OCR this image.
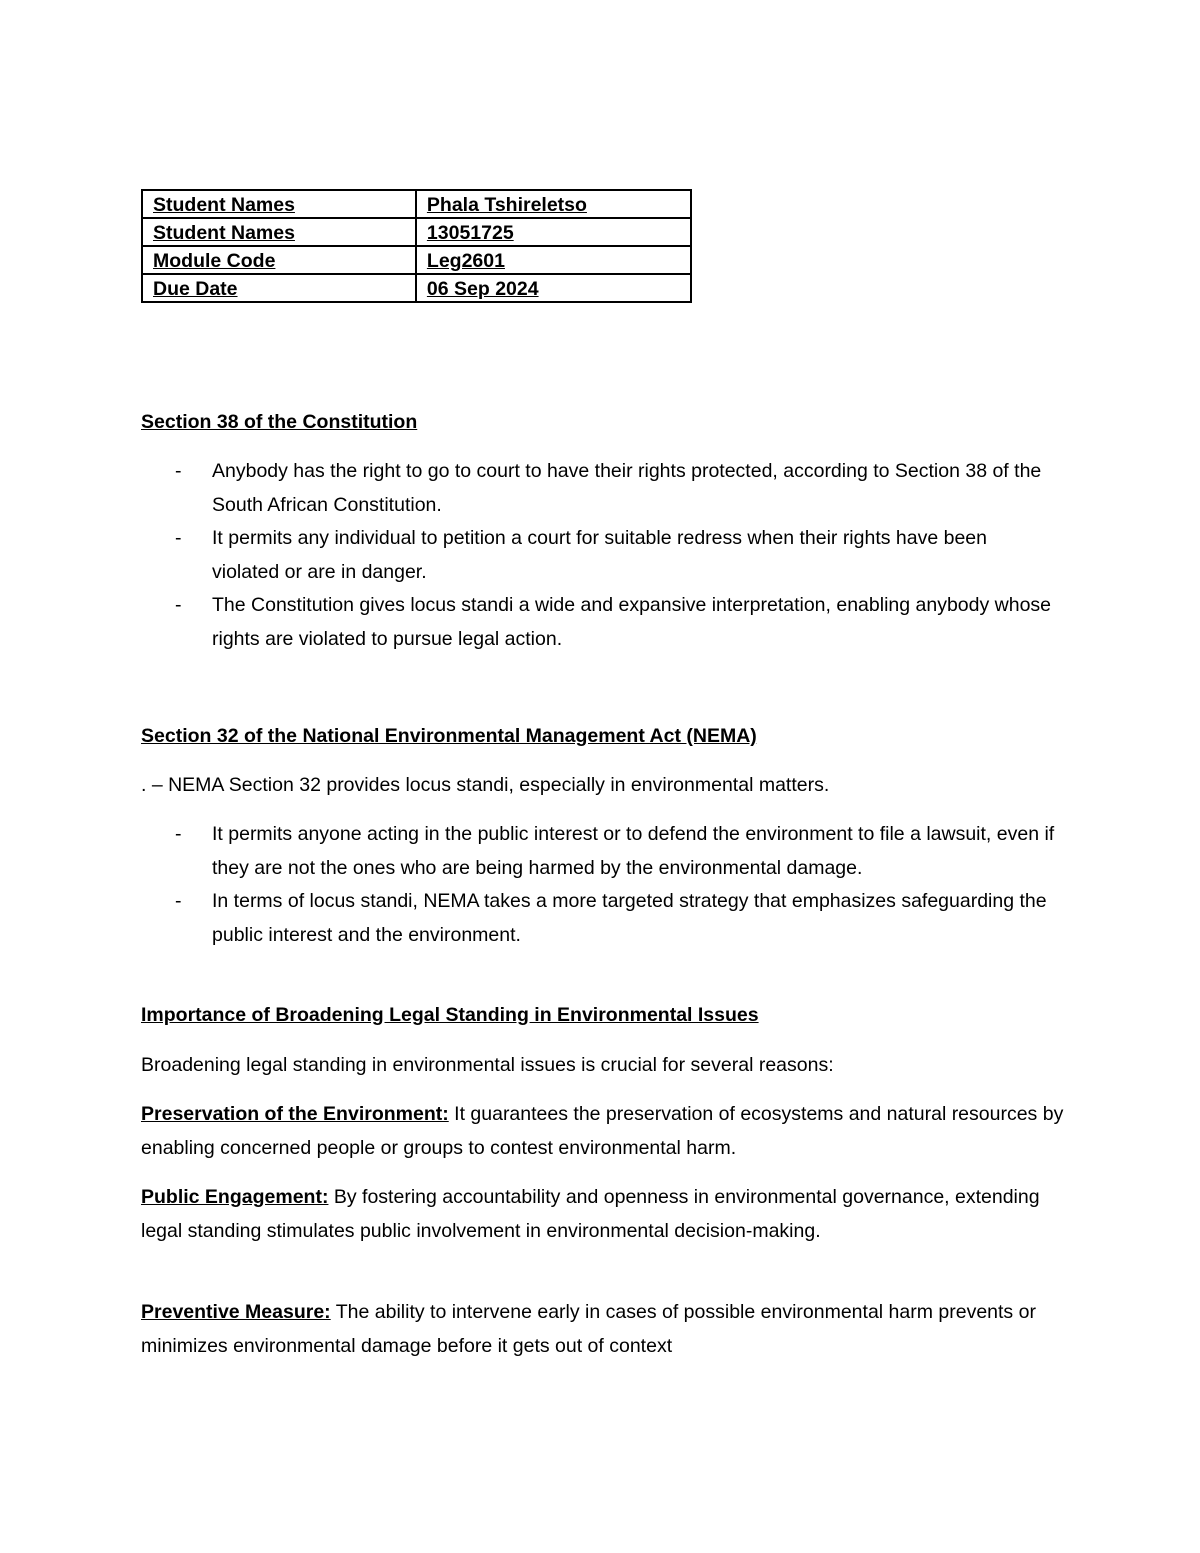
Student Names	Phala Tshireletso
Student Names	13051725
Module Code	Leg2601
Due Date	06 Sep 2024
Section 38 of the Constitution
- Anybody has the right to go to court to have their rights protected, according to Section 38 of the South African Constitution.
- It permits any individual to petition a court for suitable redress when their rights have been violated or are in danger.
- The Constitution gives locus standi a wide and expansive interpretation, enabling anybody whose rights are violated to pursue legal action.
Section 32 of the National Environmental Management Act (NEMA)
. – NEMA Section 32 provides locus standi, especially in environmental matters.
- It permits anyone acting in the public interest or to defend the environment to file a lawsuit, even if they are not the ones who are being harmed by the environmental damage.
- In terms of locus standi, NEMA takes a more targeted strategy that emphasizes safeguarding the public interest and the environment.
Importance of Broadening Legal Standing in Environmental Issues
Broadening legal standing in environmental issues is crucial for several reasons:
Preservation of the Environment: It guarantees the preservation of ecosystems and natural resources by enabling concerned people or groups to contest environmental harm.
Public Engagement: By fostering accountability and openness in environmental governance, extending legal standing stimulates public involvement in environmental decision-making.
Preventive Measure: The ability to intervene early in cases of possible environmental harm prevents or minimizes environmental damage before it gets out of context
